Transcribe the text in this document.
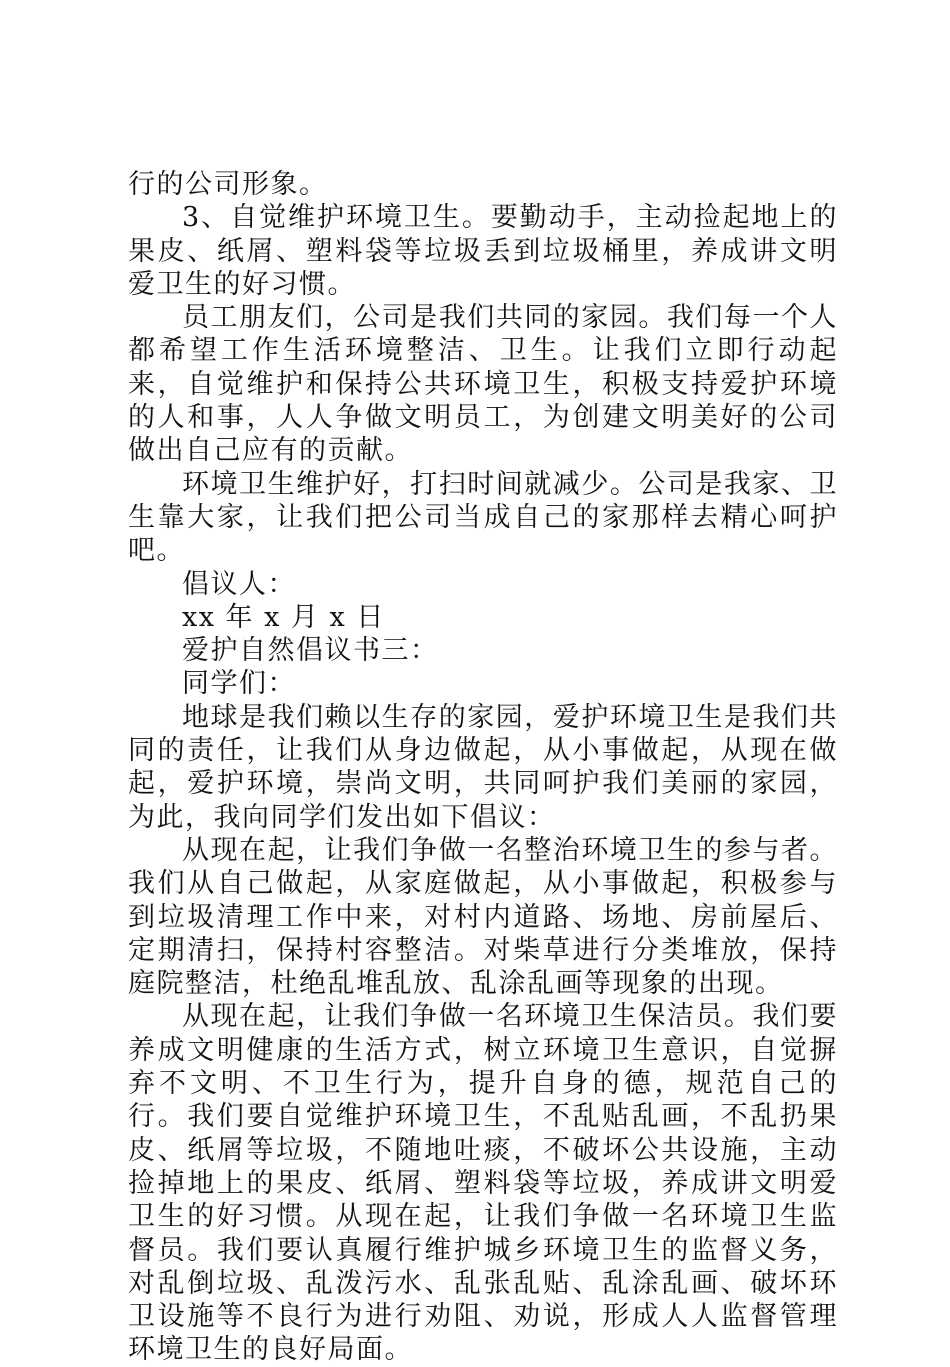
行的公司形象。

3、自觉维护环境卫生。要勤动手，主动捡起地上的果皮、纸屑、塑料袋等垃圾丢到垃圾桶里，养成讲文明爱卫生的好习惯。

员工朋友们，公司是我们共同的家园。我们每一个人都希望工作生活环境整洁、卫生。让我们立即行动起来，自觉维护和保持公共环境卫生，积极支持爱护环境的人和事，人人争做文明员工，为创建文明美好的公司做出自己应有的贡献。

环境卫生维护好，打扫时间就减少。公司是我家、卫生靠大家，让我们把公司当成自己的家那样去精心呵护吧。

倡议人：

xx 年 x 月 x 日

爱护自然倡议书三：

同学们：

地球是我们赖以生存的家园，爱护环境卫生是我们共同的责任，让我们从身边做起，从小事做起，从现在做起，爱护环境，崇尚文明，共同呵护我们美丽的家园，为此，我向同学们发出如下倡议：

从现在起，让我们争做一名整治环境卫生的参与者。我们从自己做起，从家庭做起，从小事做起，积极参与到垃圾清理工作中来，对村内道路、场地、房前屋后、定期清扫，保持村容整洁。对柴草进行分类堆放，保持庭院整洁，杜绝乱堆乱放、乱涂乱画等现象的出现。

从现在起，让我们争做一名环境卫生保洁员。我们要养成文明健康的生活方式，树立环境卫生意识，自觉摒弃不文明、不卫生行为，提升自身的德，规范自己的行。我们要自觉维护环境卫生，不乱贴乱画，不乱扔果皮、纸屑等垃圾，不随地吐痰，不破坏公共设施，主动捡掉地上的果皮、纸屑、塑料袋等垃圾，养成讲文明爱卫生的好习惯。从现在起，让我们争做一名环境卫生监督员。我们要认真履行维护城乡环境卫生的监督义务，对乱倒垃圾、乱泼污水、乱张乱贴、乱涂乱画、破坏环卫设施等不良行为进行劝阻、劝说，形成人人监督管理环境卫生的良好局面。
